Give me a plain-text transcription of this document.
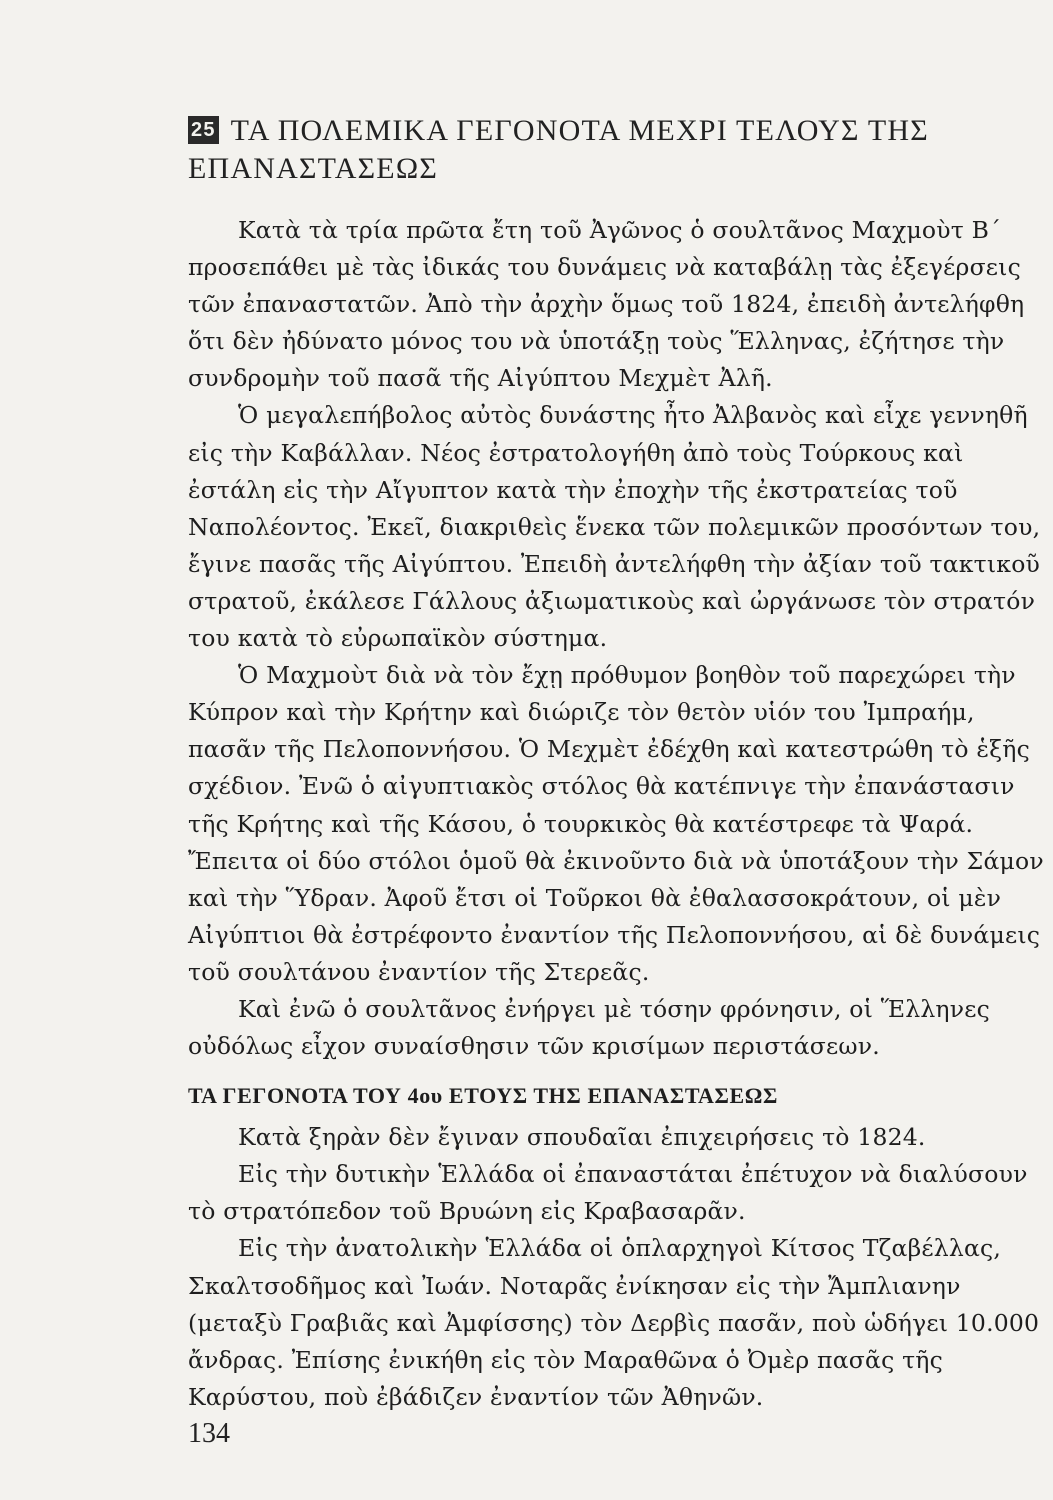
25 ΤΑ ΠΟΛΕΜΙΚΑ ΓΕΓΟΝΟΤΑ ΜΕΧΡΙ ΤΕΛΟΥΣ ΤΗΣ ΕΠΑΝΑΣΤΑΣΕΩΣ

Κατὰ τὰ τρία πρῶτα ἔτη τοῦ Ἀγῶνος ὁ σουλτᾶνος Μαχμοὺτ Β΄ προσεπάθει μὲ τὰς ἰδικάς του δυνάμεις νὰ καταβάλῃ τὰς ἐξεγέρσεις τῶν ἐπαναστατῶν. Ἀπὸ τὴν ἀρχὴν ὅμως τοῦ 1824, ἐπειδὴ ἀντελήφθη ὅτι δὲν ἠδύνατο μόνος του νὰ ὑποτάξῃ τοὺς Ἕλληνας, ἐζήτησε τὴν συνδρομὴν τοῦ πασᾶ τῆς Αἰγύπτου Μεχμὲτ Ἀλῆ.

Ὁ μεγαλεπήβολος αὐτὸς δυνάστης ἦτο Ἀλβανὸς καὶ εἶχε γεννηθῆ εἰς τὴν Καβάλλαν. Νέος ἐστρατολογήθη ἀπὸ τοὺς Τούρκους καὶ ἐστάλη εἰς τὴν Αἴγυπτον κατὰ τὴν ἐποχὴν τῆς ἐκστρατείας τοῦ Ναπολέοντος. Ἐκεῖ, διακριθεὶς ἕνεκα τῶν πολεμικῶν προσόντων του, ἔγινε πασᾶς τῆς Αἰγύπτου. Ἐπειδὴ ἀντελήφθη τὴν ἀξίαν τοῦ τακτικοῦ στρατοῦ, ἐκάλεσε Γάλλους ἀξιωματικοὺς καὶ ὠργάνωσε τὸν στρατόν του κατὰ τὸ εὐρωπαϊκὸν σύστημα.

Ὁ Μαχμοὺτ διὰ νὰ τὸν ἔχῃ πρόθυμον βοηθὸν τοῦ παρεχώρει τὴν Κύπρον καὶ τὴν Κρήτην καὶ διώριζε τὸν θετὸν υἱόν του Ἰμπραήμ, πασᾶν τῆς Πελοποννήσου. Ὁ Μεχμὲτ ἐδέχθη καὶ κατεστρώθη τὸ ἑξῆς σχέδιον. Ἐνῶ ὁ αἰγυπτιακὸς στόλος θὰ κατέπνιγε τὴν ἐπανάστασιν τῆς Κρήτης καὶ τῆς Κάσου, ὁ τουρκικὸς θὰ κατέστρεφε τὰ Ψαρά. Ἔπειτα οἱ δύο στόλοι ὁμοῦ θὰ ἐκινοῦντο διὰ νὰ ὑποτάξουν τὴν Σάμον καὶ τὴν Ὕδραν. Ἀφοῦ ἔτσι οἱ Τοῦρκοι θὰ ἐθαλασσοκράτουν, οἱ μὲν Αἰγύπτιοι θὰ ἐστρέφοντο ἐναντίον τῆς Πελοποννήσου, αἱ δὲ δυνάμεις τοῦ σουλτάνου ἐναντίον τῆς Στερεᾶς.

Καὶ ἐνῶ ὁ σουλτᾶνος ἐνήργει μὲ τόσην φρόνησιν, οἱ Ἕλληνες οὐδόλως εἶχον συναίσθησιν τῶν κρισίμων περιστάσεων.

ΤΑ ΓΕΓΟΝΟΤΑ ΤΟΥ 4ου ΕΤΟΥΣ ΤΗΣ ΕΠΑΝΑΣΤΑΣΕΩΣ

Κατὰ ξηρὰν δὲν ἔγιναν σπουδαῖαι ἐπιχειρήσεις τὸ 1824.

Εἰς τὴν δυτικὴν Ἑλλάδα οἱ ἐπαναστάται ἐπέτυχον νὰ διαλύσουν τὸ στρατόπεδον τοῦ Βρυώνη εἰς Κραβασαρᾶν.

Εἰς τὴν ἀνατολικὴν Ἑλλάδα οἱ ὁπλαρχηγοὶ Κίτσος Τζαβέλλας, Σκαλτσοδῆμος καὶ Ἰωάν. Νοταρᾶς ἐνίκησαν εἰς τὴν Ἄμπλιανην (μεταξὺ Γραβιᾶς καὶ Ἀμφίσσης) τὸν Δερβὶς πασᾶν, ποὺ ὡδήγει 10.000 ἄνδρας. Ἐπίσης ἐνικήθη εἰς τὸν Μαραθῶνα ὁ Ὀμὲρ πασᾶς τῆς Καρύστου, ποὺ ἐβάδιζεν ἐναντίον τῶν Ἀθηνῶν.

134
